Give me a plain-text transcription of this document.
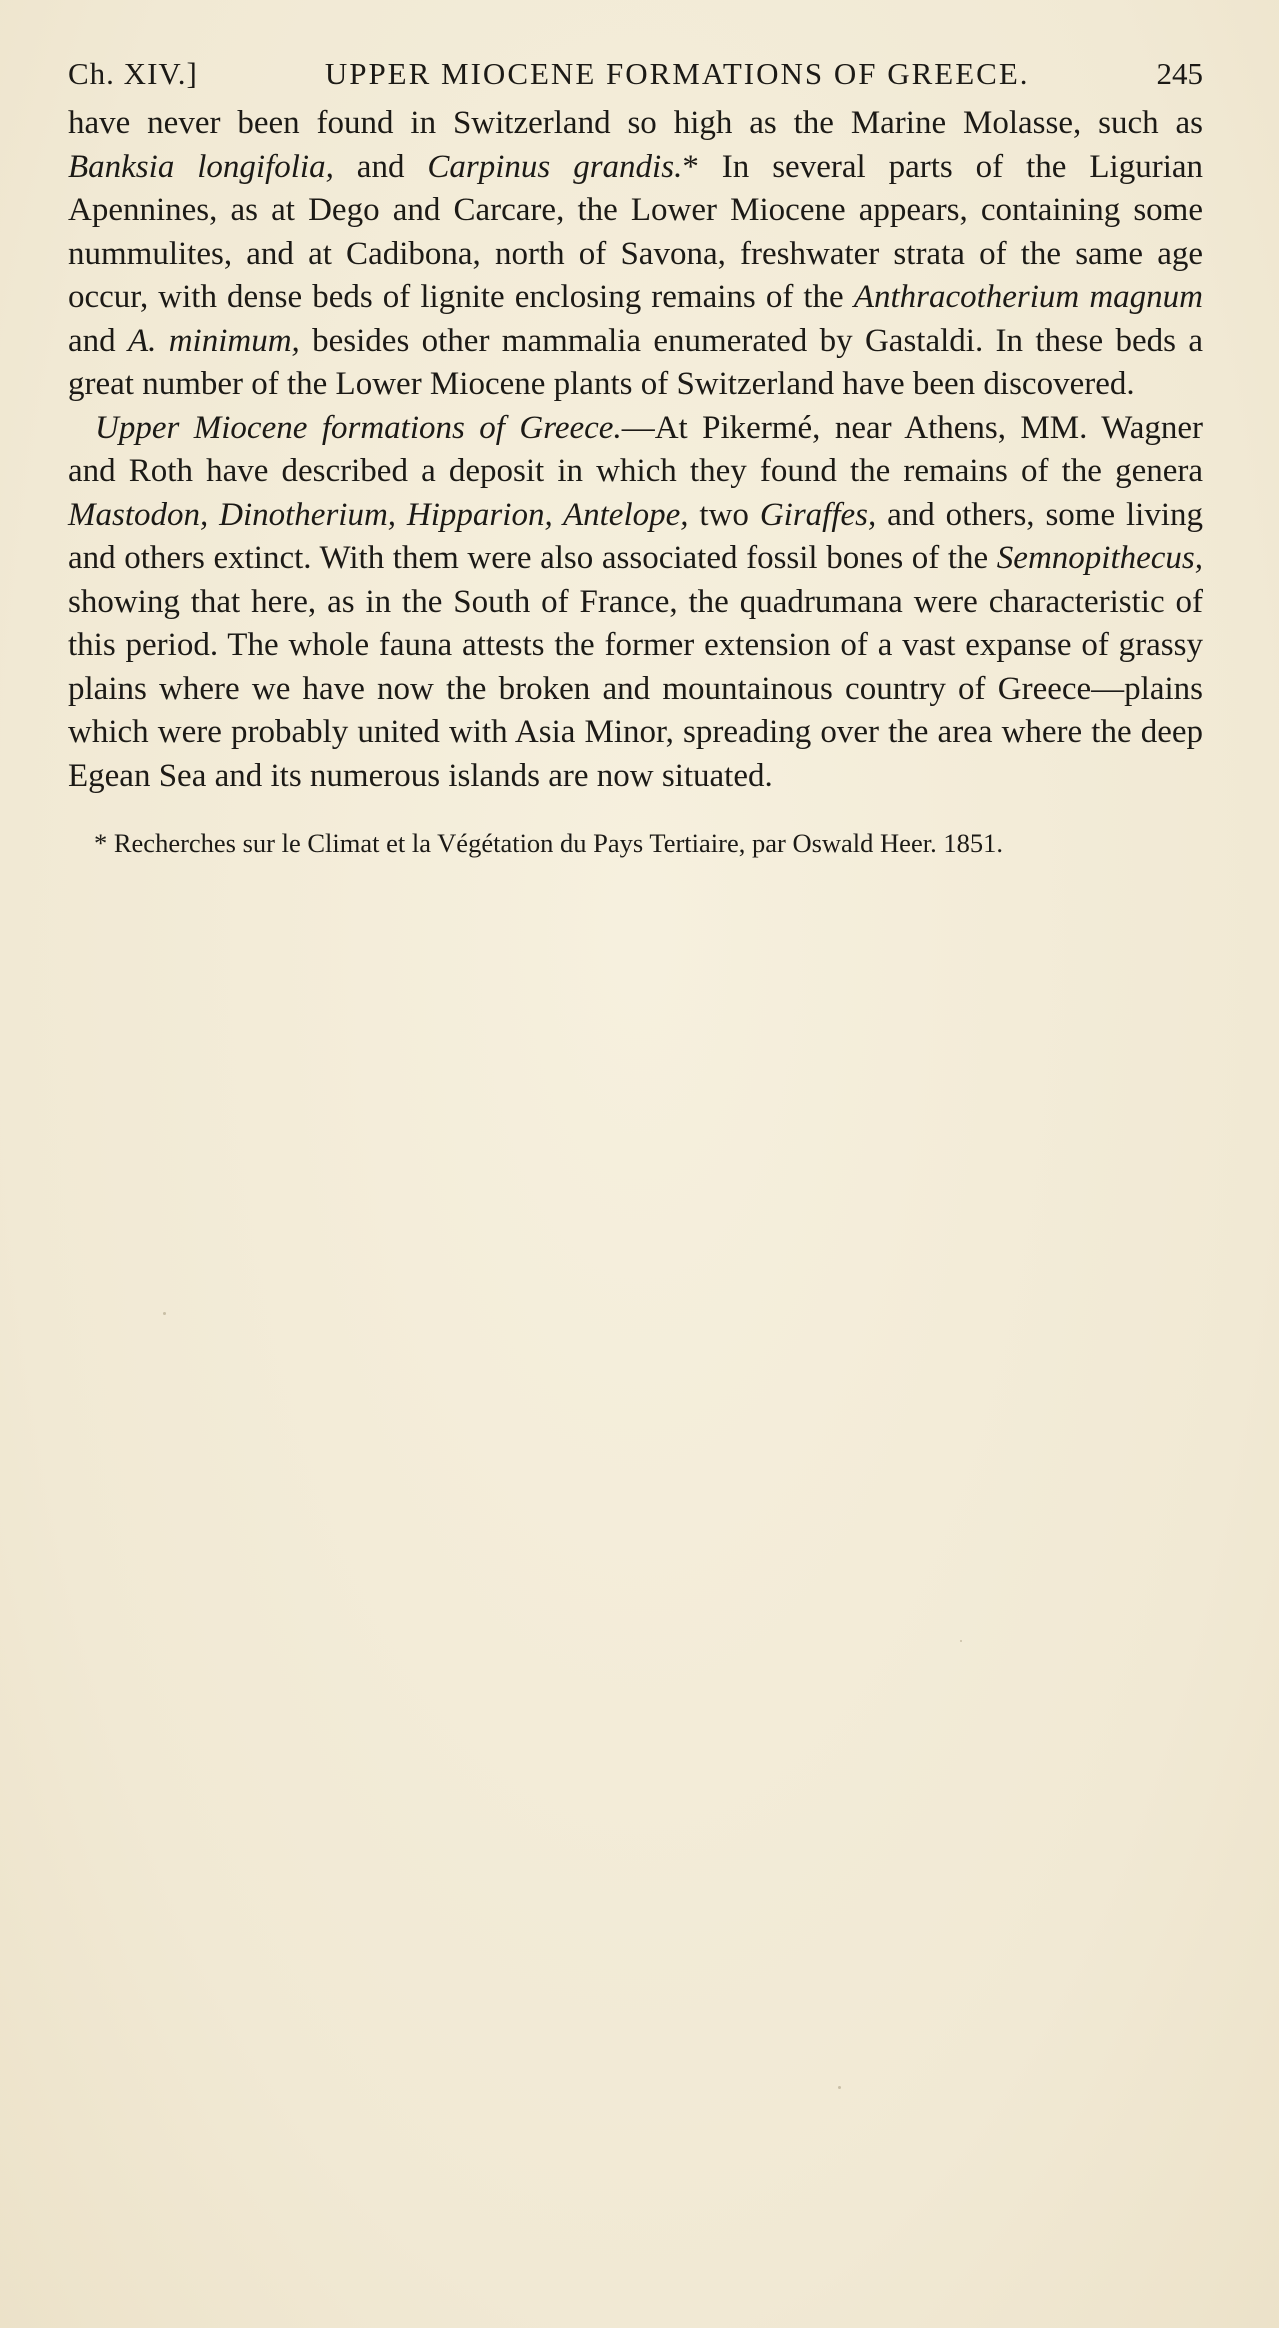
Ch. XIV.]	UPPER MIOCENE FORMATIONS OF GREECE.	245

have never been found in Switzerland so high as the Marine Molasse, such as Banksia longifolia, and Carpinus grandis.* In several parts of the Ligurian Apennines, as at Dego and Carcare, the Lower Miocene appears, containing some nummulites, and at Cadibona, north of Savona, freshwater strata of the same age occur, with dense beds of lignite enclosing remains of the Anthracotherium magnum and A. minimum, besides other mammalia enumerated by Gastaldi. In these beds a great number of the Lower Miocene plants of Switzerland have been discovered.

Upper Miocene formations of Greece.—At Pikermé, near Athens, MM. Wagner and Roth have described a deposit in which they found the remains of the genera Mastodon, Dinotherium, Hipparion, Antelope, two Giraffes, and others, some living and others extinct. With them were also associated fossil bones of the Semnopithecus, showing that here, as in the South of France, the quadrumana were characteristic of this period. The whole fauna attests the former extension of a vast expanse of grassy plains where we have now the broken and mountainous country of Greece—plains which were probably united with Asia Minor, spreading over the area where the deep Egean Sea and its numerous islands are now situated.

* Recherches sur le Climat et la Végétation du Pays Tertiaire, par Oswald Heer. 1851.
